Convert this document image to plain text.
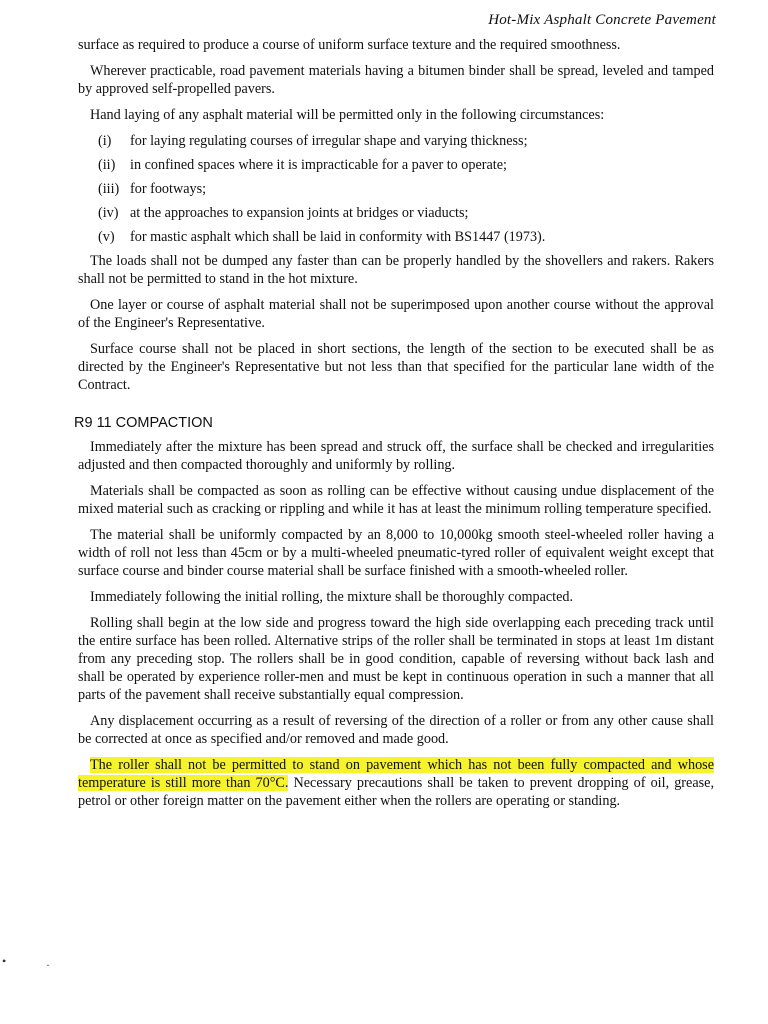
Hot-Mix Asphalt Concrete Pavement

surface as required to produce a course of uniform surface texture and the required smoothness.

Wherever practicable, road pavement materials having a bitumen binder shall be spread, leveled and tamped by approved self-propelled pavers.

Hand laying of any asphalt material will be permitted only in the following circumstances:

(i)	for laying regulating courses of irregular shape and varying thickness;
(ii)	in confined spaces where it is impracticable for a paver to operate;
(iii) for footways;
(iv) at the approaches to expansion joints at bridges or viaducts;
(v)	for mastic asphalt which shall be laid in conformity with BS1447 (1973).

The loads shall not be dumped any faster than can be properly handled by the shovellers and rakers. Rakers shall not be permitted to stand in the hot mixture.

One layer or course of asphalt material shall not be superimposed upon another course without the approval of the Engineer's Representative.

Surface course shall not be placed in short sections, the length of the section to be executed shall be as directed by the Engineer's Representative but not less than that specified for the particular lane width of the Contract.

R9 11 COMPACTION

Immediately after the mixture has been spread and struck off, the surface shall be checked and irregularities adjusted and then compacted thoroughly and uniformly by rolling.

Materials shall be compacted as soon as rolling can be effective without causing undue displacement of the mixed material such as cracking or rippling and while it has at least the minimum rolling temperature specified.

The material shall be uniformly compacted by an 8,000 to 10,000kg smooth steel-wheeled roller having a width of roll not less than 45cm or by a multi-wheeled pneumatic-tyred roller of equivalent weight except that surface course and binder course material shall be surface finished with a smooth-wheeled roller.

Immediately following the initial rolling, the mixture shall be thoroughly compacted.

Rolling shall begin at the low side and progress toward the high side overlapping each preceding track until the entire surface has been rolled. Alternative strips of the roller shall be terminated in stops at least 1m distant from any preceding stop. The rollers shall be in good condition, capable of reversing without back lash and shall be operated by experience roller-men and must be kept in continuous operation in such a manner that all parts of the pavement shall receive substantially equal compression.

Any displacement occurring as a result of reversing of the direction of a roller or from any other cause shall be corrected at once as specified and/or removed and made good.

The roller shall not be permitted to stand on pavement which has not been fully compacted and whose temperature is still more than 70°C. Necessary precautions shall be taken to prevent dropping of oil, grease, petrol or other foreign matter on the pavement either when the rollers are operating or standing.

•	·
